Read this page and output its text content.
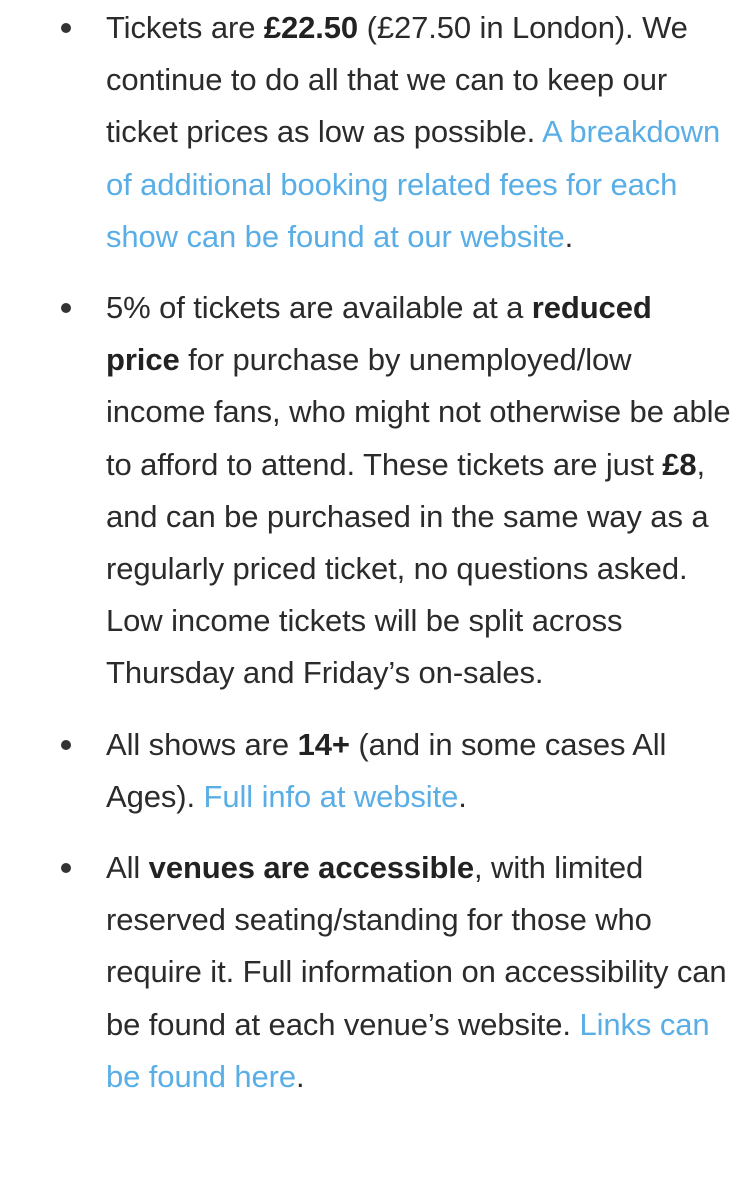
Tickets are £22.50 (£27.50 in London). We continue to do all that we can to keep our ticket prices as low as possible. A breakdown of additional booking related fees for each show can be found at our website.
5% of tickets are available at a reduced price for purchase by unemployed/low income fans, who might not otherwise be able to afford to attend. These tickets are just £8, and can be purchased in the same way as a regularly priced ticket, no questions asked. Low income tickets will be split across Thursday and Friday’s on-sales.
All shows are 14+ (and in some cases All Ages). Full info at website.
All venues are accessible, with limited reserved seating/standing for those who require it. Full information on accessibility can be found at each venue’s website. Links can be found here.
